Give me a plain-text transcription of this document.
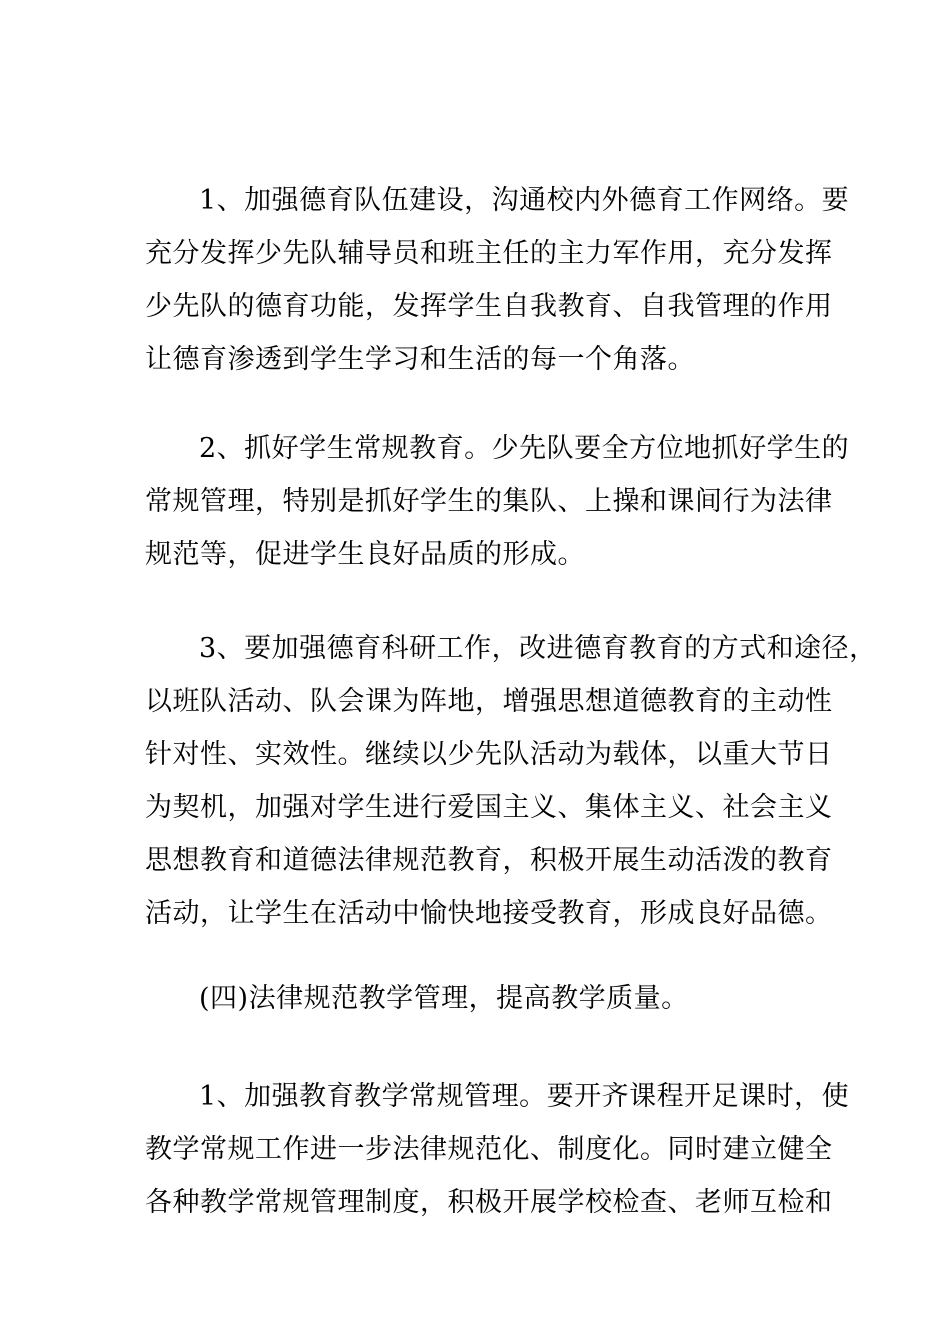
1、加强德育队伍建设，沟通校内外德育工作网络。要
充分发挥少先队辅导员和班主任的主力军作用，充分发挥
少先队的德育功能，发挥学生自我教育、自我管理的作用
让德育渗透到学生学习和生活的每一个角落。

2、抓好学生常规教育。少先队要全方位地抓好学生的
常规管理，特别是抓好学生的集队、上操和课间行为法律
规范等，促进学生良好品质的形成。

3、要加强德育科研工作，改进德育教育的方式和途径，
以班队活动、队会课为阵地，增强思想道德教育的主动性
针对性、实效性。继续以少先队活动为载体，以重大节日
为契机，加强对学生进行爱国主义、集体主义、社会主义
思想教育和道德法律规范教育，积极开展生动活泼的教育
活动，让学生在活动中愉快地接受教育，形成良好品德。

(四)法律规范教学管理，提高教学质量。

1、加强教育教学常规管理。要开齐课程开足课时，使
教学常规工作进一步法律规范化、制度化。同时建立健全
各种教学常规管理制度，积极开展学校检查、老师互检和
